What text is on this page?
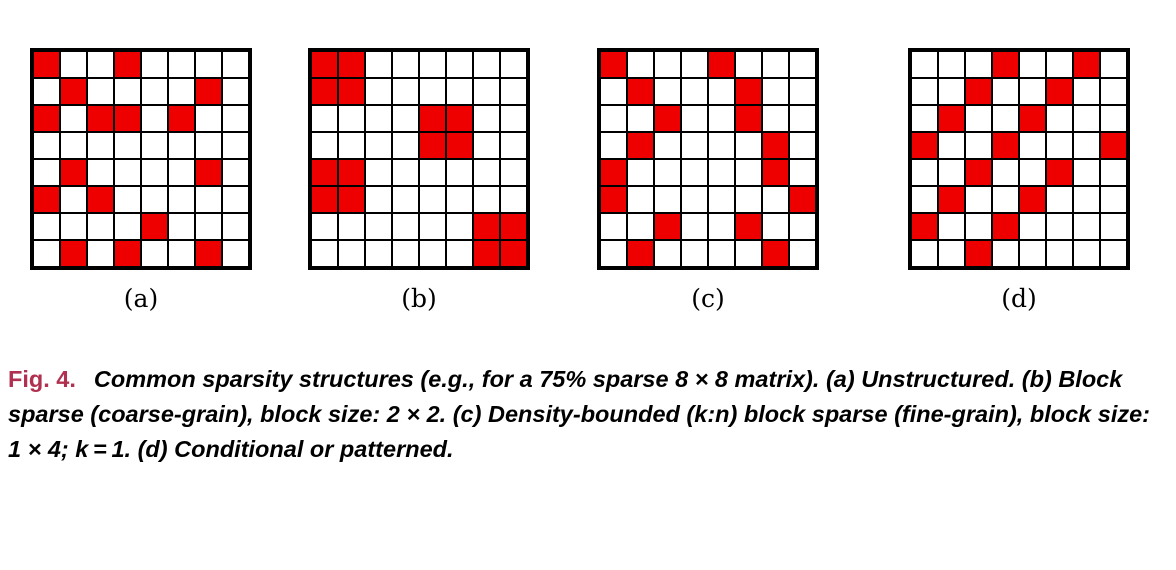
(a)	(b)	(c)	(d)
Fig. 4. Common sparsity structures (e.g., for a 75% sparse 8 × 8 matrix). (a) Unstructured. (b) Block sparse (coarse-grain), block size: 2 × 2. (c) Density-bounded (k:n) block sparse (fine-grain), block size: 1 × 4; k = 1. (d) Conditional or patterned.
